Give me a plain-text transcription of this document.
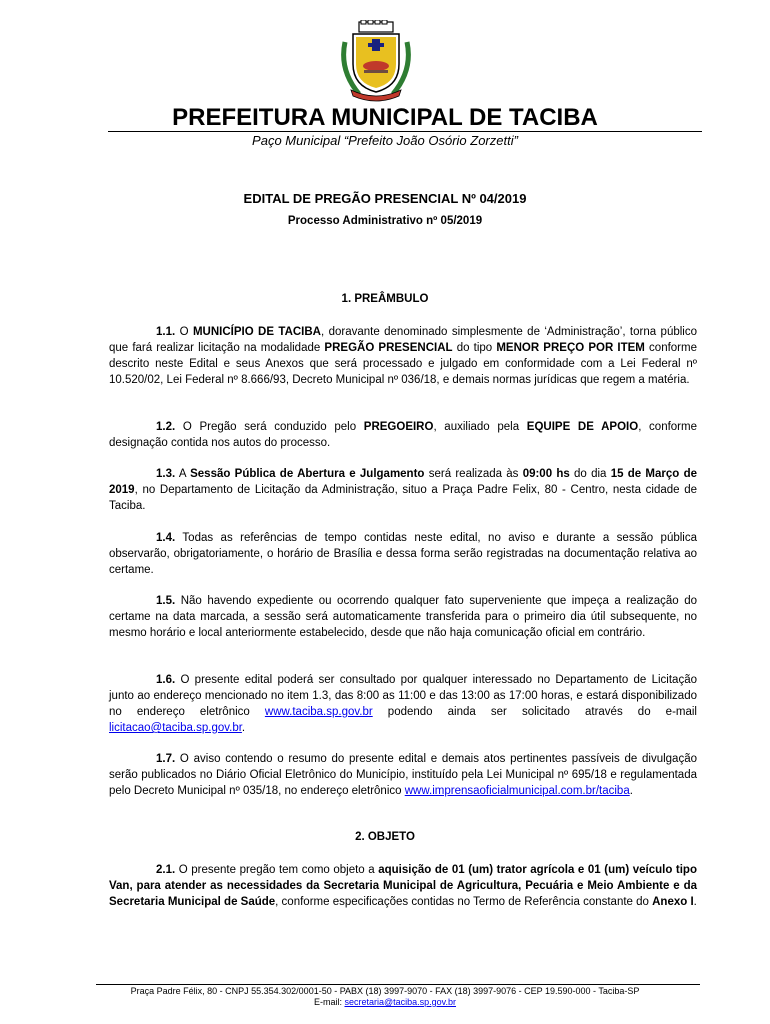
PREFEITURA MUNICIPAL DE TACIBA
Paço Municipal “Prefeito João Osório Zorzetti”
EDITAL DE PREGÃO PRESENCIAL Nº 04/2019
Processo Administrativo nº 05/2019
1. PREÂMBULO
1.1. O MUNICÍPIO DE TACIBA, doravante denominado simplesmente de ‘Administração’, torna público que fará realizar licitação na modalidade PREGÃO PRESENCIAL do tipo MENOR PREÇO POR ITEM conforme descrito neste Edital e seus Anexos que será processado e julgado em conformidade com a Lei Federal nº 10.520/02, Lei Federal nº 8.666/93, Decreto Municipal nº 036/18, e demais normas jurídicas que regem a matéria.
1.2. O Pregão será conduzido pelo PREGOEIRO, auxiliado pela EQUIPE DE APOIO, conforme designação contida nos autos do processo.
1.3. A Sessão Pública de Abertura e Julgamento será realizada às 09:00 hs do dia 15 de Março de 2019, no Departamento de Licitação da Administração, situo a Praça Padre Felix, 80 - Centro, nesta cidade de Taciba.
1.4. Todas as referências de tempo contidas neste edital, no aviso e durante a sessão pública observarão, obrigatoriamente, o horário de Brasília e dessa forma serão registradas na documentação relativa ao certame.
1.5. Não havendo expediente ou ocorrendo qualquer fato superveniente que impeça a realização do certame na data marcada, a sessão será automaticamente transferida para o primeiro dia útil subsequente, no mesmo horário e local anteriormente estabelecido, desde que não haja comunicação oficial em contrário.
1.6. O presente edital poderá ser consultado por qualquer interessado no Departamento de Licitação junto ao endereço mencionado no item 1.3, das 8:00 as 11:00 e das 13:00 as 17:00 horas, e estará disponibilizado no endereço eletrônico www.taciba.sp.gov.br podendo ainda ser solicitado através do e-mail licitacao@taciba.sp.gov.br.
1.7. O aviso contendo o resumo do presente edital e demais atos pertinentes passíveis de divulgação serão publicados no Diário Oficial Eletrônico do Município, instituído pela Lei Municipal nº 695/18 e regulamentada pelo Decreto Municipal nº 035/18, no endereço eletrônico www.imprensaoficialmunicipal.com.br/taciba.
2. OBJETO
2.1. O presente pregão tem como objeto a aquisição de 01 (um) trator agrícola e 01 (um) veículo tipo Van, para atender as necessidades da Secretaria Municipal de Agricultura, Pecuária e Meio Ambiente e da Secretaria Municipal de Saúde, conforme especificações contidas no Termo de Referência constante do Anexo I.
Praça Padre Félix, 80 - CNPJ 55.354.302/0001-50 - PABX (18) 3997-9070 - FAX (18) 3997-9076 - CEP 19.590-000 - Taciba-SP
E-mail: secretaria@taciba.sp.gov.br
